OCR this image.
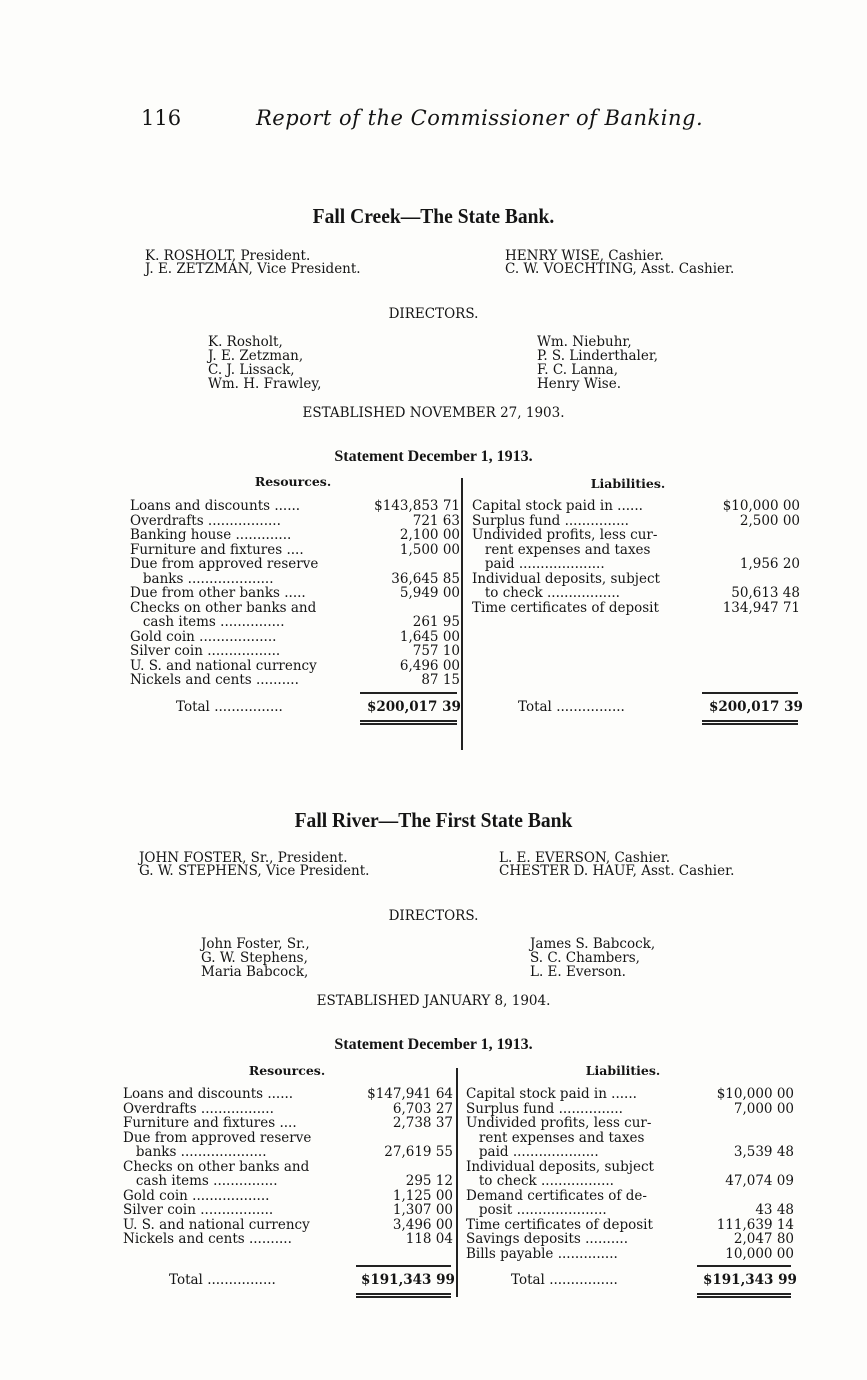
116	Report of the Commissioner of Banking.
Fall Creek—The State Bank.
K. ROSHOLT, President.
J. E. ZETZMAN, Vice President.
HENRY WISE, Cashier.
C. W. VOECHTING, Asst. Cashier.
DIRECTORS.
K. Rosholt,
J. E. Zetzman,
C. J. Lissack,
Wm. H. Frawley,
Wm. Niebuhr,
P. S. Linderthaler,
F. C. Lanna,
Henry Wise.
ESTABLISHED NOVEMBER 27, 1903.
Statement December 1, 1913.
Resources.	Liabilities.
Loans and discounts ......	$143,853 71
Overdrafts .................	721 63
Banking house .............	2,100 00
Furniture and fixtures ....	1,500 00
Due from approved reserve	
banks ....................	36,645 85
Due from other banks .....	5,949 00
Checks on other banks and	
cash items ...............	261 95
Gold coin ..................	1,645 00
Silver coin .................	757 10
U. S. and national currency	6,496 00
Nickels and cents ..........	87 15
Capital stock paid in ......	$10,000 00
Surplus fund ...............	2,500 00
Undivided profits, less cur-	
rent expenses and taxes	
paid ....................	1,956 20
Individual deposits, subject	
to check .................	50,613 48
Time certificates of deposit	134,947 71
Total ................	$200,017 39	Total ................	$200,017 39
Fall River—The First State Bank
JOHN FOSTER, Sr., President.
G. W. STEPHENS, Vice President.
L. E. EVERSON, Cashier.
CHESTER D. HAUF, Asst. Cashier.
DIRECTORS.
John Foster, Sr.,
G. W. Stephens,
Maria Babcock,
James S. Babcock,
S. C. Chambers,
L. E. Everson.
ESTABLISHED JANUARY 8, 1904.
Statement December 1, 1913.
Resources.	Liabilities.
Loans and discounts ......	$147,941 64
Overdrafts .................	6,703 27
Furniture and fixtures ....	2,738 37
Due from approved reserve	
banks ....................	27,619 55
Checks on other banks and	
cash items ...............	295 12
Gold coin ..................	1,125 00
Silver coin .................	1,307 00
U. S. and national currency	3,496 00
Nickels and cents ..........	118 04
Capital stock paid in ......	$10,000 00
Surplus fund ...............	7,000 00
Undivided profits, less cur-	
rent expenses and taxes	
paid ....................	3,539 48
Individual deposits, subject	
to check .................	47,074 09
Demand certificates of de-	
posit .....................	43 48
Time certificates of deposit	111,639 14
Savings deposits ..........	2,047 80
Bills payable ..............	10,000 00
Total ................	$191,343 99	Total ................	$191,343 99
